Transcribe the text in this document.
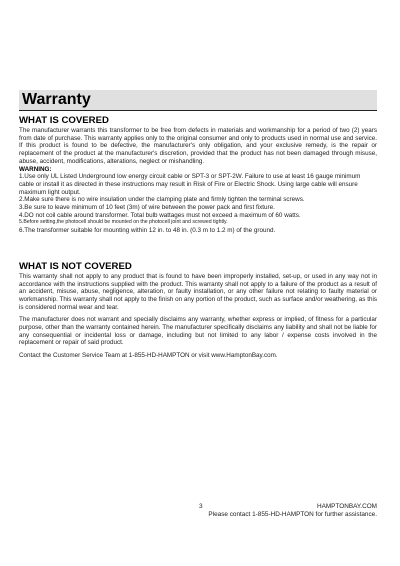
Warranty
WHAT IS COVERED

The manufacturer warrants this transformer to be free from defects in materials and workmanship for a period of two (2) years from date of purchase. This warranty applies only to the original consumer and only to products used in normal use and service. If this product is found to be defective, the manufacturer's only obligation, and your exclusive remedy, is the repair or replacement of the product at the manufacturer's discretion, provided that the product has not been damaged through misuse, abuse, accident, modifications, alterations, neglect or mishandling.

WARNING:

1.Use only UL Listed Underground low energy circuit cable or SPT-3 or SPT-2W. Failure to use at least 16 gauge minimum cable or install it as directed in these instructions may result in Risk of Fire or Electric Shock. Using large cable will ensure maximum light output.
2.Make sure there is no wire insulation under the clamping plate and firmly tighten the terminal screws.
3.Be sure to leave minimum of 10 feet (3m) of wire between the power pack and first fixture.
4.DO not coil cable around transformer. Total bulb wattages must not exceed a maximum of 60 watts.
5.Before setting,the photocell should be mounted on the photocell joint and screwed tightly.
6.The transformer suitable for mounting within 12 in. to 48 in. (0.3 m to 1.2 m) of the ground.
WHAT IS NOT COVERED

This warranty shall not apply to any product that is found to have been improperly installed, set-up, or used in any way not in accordance with the instructions supplied with the product. This warranty shall not apply to a failure of the product as a result of an accident, misuse, abuse, negligence, alteration, or faulty installation, or any other failure not relating to faulty material or workmanship. This warranty shall not apply to the finish on any portion of the product, such as surface and/or weathering, as this is considered normal wear and tear.

The manufacturer does not warrant and specially disclaims any warranty, whether express or implied, of fitness for a particular purpose, other than the warranty contained herein. The manufacturer specifically disclaims any liability and shall not be liable for any consequential or incidental loss or damage, including but not limited to any labor / expense costs involved in the replacement or repair of said product.

Contact the Customer Service Team at 1-855-HD-HAMPTON or visit www.HamptonBay.com.

3	HAMPTONBAY.COM
Please contact 1-855-HD-HAMPTON for further assistance.
